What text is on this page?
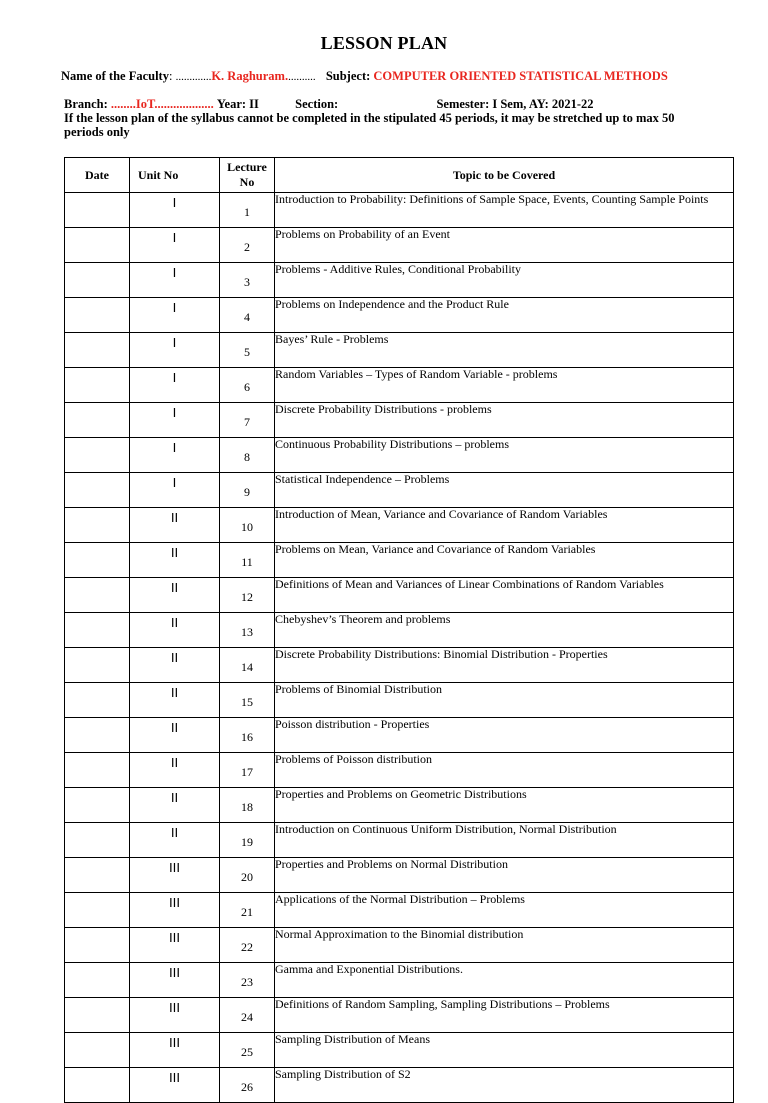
LESSON PLAN
Name of the Faculty: .............K. Raghuram........... Subject: COMPUTER ORIENTED STATISTICAL METHODS
Branch: ........IoT................... Year: II	Section:	Semester: I Sem, AY: 2021-22
If the lesson plan of the syllabus cannot be completed in the stipulated 45 periods, it may be stretched up to max 50 periods only
Date	Unit No	Lecture No	Topic to be Covered
	I	1	Introduction to Probability: Definitions of Sample Space, Events, Counting Sample Points
	I	2	Problems on Probability of an Event
	I	3	Problems - Additive Rules, Conditional Probability
	I	4	Problems on Independence and the Product Rule
	I	5	Bayes’ Rule - Problems
	I	6	Random Variables – Types of Random Variable - problems
	I	7	Discrete Probability Distributions - problems
	I	8	Continuous Probability Distributions – problems
	I	9	Statistical Independence – Problems
	II	10	Introduction of Mean, Variance and Covariance of Random Variables
	II	11	Problems on Mean, Variance and Covariance of Random Variables
	II	12	Definitions of Mean and Variances of Linear Combinations of Random Variables
	II	13	Chebyshev’s Theorem and problems
	II	14	Discrete Probability Distributions: Binomial Distribution - Properties
	II	15	Problems of Binomial Distribution
	II	16	Poisson distribution - Properties
	II	17	Problems of Poisson distribution
	II	18	Properties and Problems on Geometric Distributions
	II	19	Introduction on Continuous Uniform Distribution, Normal Distribution
	III	20	Properties and Problems on Normal Distribution
	III	21	Applications of the Normal Distribution – Problems
	III	22	Normal Approximation to the Binomial distribution
	III	23	Gamma and Exponential Distributions.
	III	24	Definitions of Random Sampling, Sampling Distributions – Problems
	III	25	Sampling Distribution of Means
	III	26	Sampling Distribution of S2
